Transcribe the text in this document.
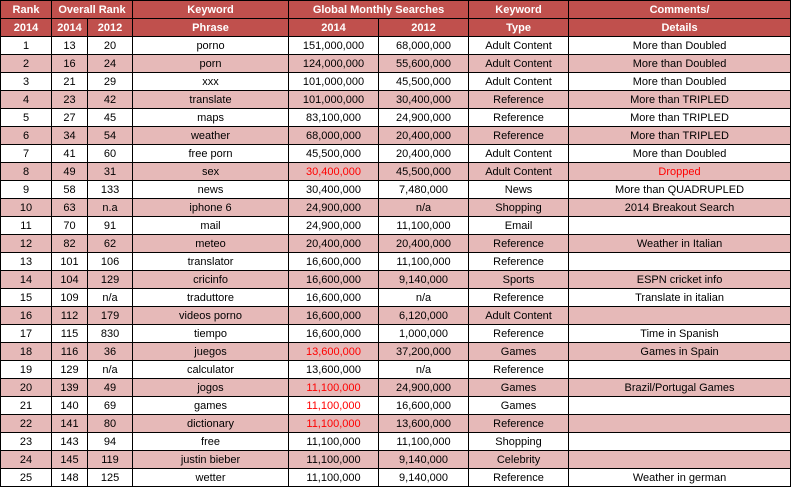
Rank	Overall Rank		Keyword	Global Monthly Searches		Keyword	Comments/
2014	2014	2012	Phrase	2014	2012	Type	Details
1	13	20	porno	151,000,000	68,000,000	Adult Content	More than Doubled
2	16	24	porn	124,000,000	55,600,000	Adult Content	More than Doubled
3	21	29	xxx	101,000,000	45,500,000	Adult Content	More than Doubled
4	23	42	translate	101,000,000	30,400,000	Reference	More than TRIPLED
5	27	45	maps	83,100,000	24,900,000	Reference	More than TRIPLED
6	34	54	weather	68,000,000	20,400,000	Reference	More than TRIPLED
7	41	60	free porn	45,500,000	20,400,000	Adult Content	More than Doubled
8	49	31	sex	30,400,000	45,500,000	Adult Content	Dropped
9	58	133	news	30,400,000	7,480,000	News	More than QUADRUPLED
10	63	n.a	iphone 6	24,900,000	n/a	Shopping	2014 Breakout Search
11	70	91	mail	24,900,000	11,100,000	Email	
12	82	62	meteo	20,400,000	20,400,000	Reference	Weather in Italian
13	101	106	translator	16,600,000	11,100,000	Reference	
14	104	129	cricinfo	16,600,000	9,140,000	Sports	ESPN cricket info
15	109	n/a	traduttore	16,600,000	n/a	Reference	Translate in italian
16	112	179	videos porno	16,600,000	6,120,000	Adult Content	
17	115	830	tiempo	16,600,000	1,000,000	Reference	Time in Spanish
18	116	36	juegos	13,600,000	37,200,000	Games	Games in Spain
19	129	n/a	calculator	13,600,000	n/a	Reference	
20	139	49	jogos	11,100,000	24,900,000	Games	Brazil/Portugal Games
21	140	69	games	11,100,000	16,600,000	Games	
22	141	80	dictionary	11,100,000	13,600,000	Reference	
23	143	94	free	11,100,000	11,100,000	Shopping	
24	145	119	justin bieber	11,100,000	9,140,000	Celebrity	
25	148	125	wetter	11,100,000	9,140,000	Reference	Weather in german
